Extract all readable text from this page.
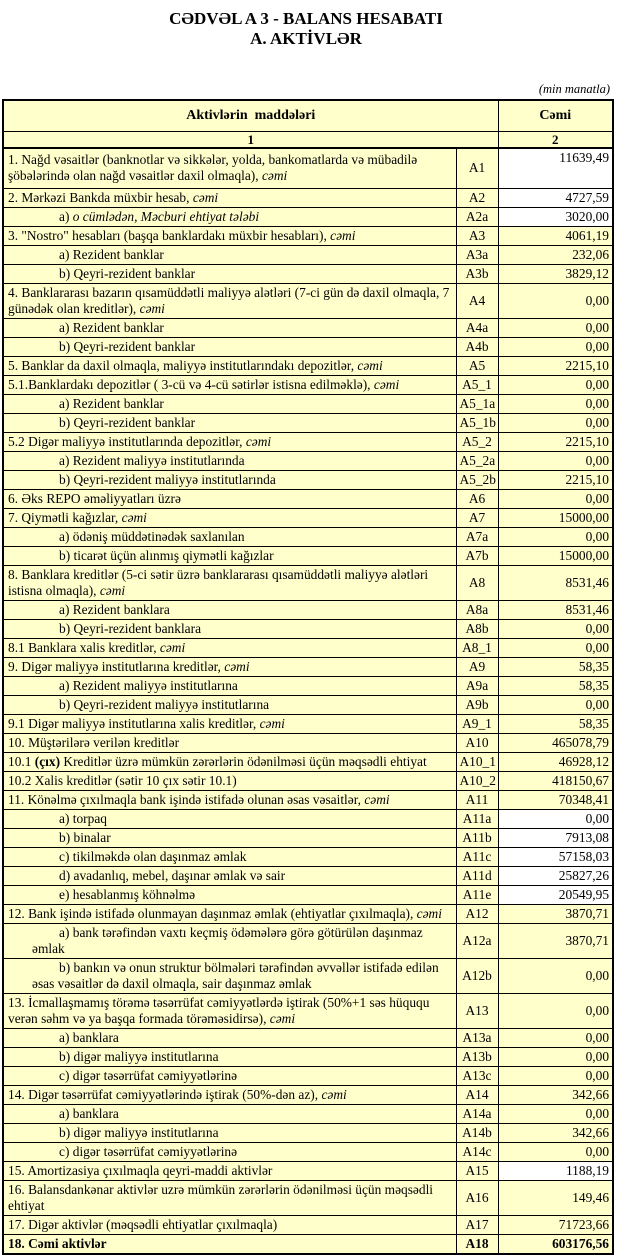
CƏDVƏL A 3 - BALANS HESABATI
A. AKTİVLƏR
(min manatla)
Aktivlərin  maddələri		Cəmi
1		2
1. Nağd vəsaitlər (banknotlar və sikkələr, yolda, bankomatlarda və mübadilə şöbələrində olan nağd vəsaitlər daxil olmaqla), cəmi	A1	11639,49
2. Mərkəzi Bankda müxbir hesab, cəmi	A2	4727,59
a) o cümlədən, Məcburi ehtiyat tələbi	A2a	3020,00
3. "Nostro" hesabları (başqa banklardakı müxbir hesabları), cəmi	A3	4061,19
a) Rezident banklar	A3a	232,06
b) Qeyri-rezident banklar	A3b	3829,12
4. Banklararası bazarın qısamüddətli maliyyə alətləri (7-ci gün də daxil olmaqla, 7 günədək olan kreditlər), cəmi	A4	0,00
a) Rezident banklar	A4a	0,00
b) Qeyri-rezident banklar	A4b	0,00
5. Banklar da daxil olmaqla, maliyyə institutlarındakı depozitlər, cəmi	A5	2215,10
5.1.Banklardakı depozitlər ( 3-cü və 4-cü sətirlər istisna edilməklə), cəmi	A5_1	0,00
a) Rezident banklar	A5_1a	0,00
b) Qeyri-rezident banklar	A5_1b	0,00
5.2 Digər maliyyə institutlarında depozitlər, cəmi	A5_2	2215,10
a) Rezident maliyyə institutlarında	A5_2a	0,00
b) Qeyri-rezident maliyyə institutlarında	A5_2b	2215,10
6. Əks REPO əməliyyatları üzrə	A6	0,00
7. Qiymətli kağızlar, cəmi	A7	15000,00
a) ödəniş müddətinədək saxlanılan	A7a	0,00
b) ticarət üçün alınmış qiymətli kağızlar	A7b	15000,00
8. Banklara kreditlər (5-ci sətir üzrə banklararası qısamüddətli maliyyə alətləri istisna olmaqla), cəmi	A8	8531,46
a) Rezident banklara	A8a	8531,46
b) Qeyri-rezident banklara	A8b	0,00
8.1 Banklara xalis kreditlər, cəmi	A8_1	0,00
9. Digər maliyyə institutlarına kreditlər, cəmi	A9	58,35
a) Rezident maliyyə institutlarına	A9a	58,35
b) Qeyri-rezident maliyyə institutlarına	A9b	0,00
9.1 Digər maliyyə institutlarına xalis kreditlər, cəmi	A9_1	58,35
10. Müştərilərə verilən kreditlər	A10	465078,79
10.1 (çıx) Kreditlər üzrə mümkün zərərlərin ödənilməsi üçün məqsədli ehtiyat	A10_1	46928,12
10.2 Xalis kreditlər (sətir 10 çıx sətir 10.1)	A10_2	418150,67
11. Könəlmə çıxılmaqla bank işində istifadə olunan əsas vəsaitlər, cəmi	A11	70348,41
a) torpaq	A11a	0,00
b) binalar	A11b	7913,08
c) tikilməkdə olan daşınmaz əmlak	A11c	57158,03
d) avadanlıq, mebel, daşınar əmlak və sair	A11d	25827,26
e) hesablanmış köhnəlmə	A11e	20549,95
12. Bank işində istifadə olunmayan daşınmaz əmlak (ehtiyatlar çıxılmaqla), cəmi	A12	3870,71
a) bank tərəfindən vaxtı keçmiş ödəmələrə görə götürülən daşınmaz əmlak	A12a	3870,71
b) bankın və onun struktur bölmələri tərəfindən əvvəllər istifadə edilən əsas vəsaitlər də daxil olmaqla, sair daşınmaz əmlak	A12b	0,00
13. İcmallaşmamış törəmə təsərrüfat cəmiyyətlərdə iştirak (50%+1 səs hüququ verən səhm və ya başqa formada törəməsidirsə), cəmi	A13	0,00
a) banklara	A13a	0,00
b) digər maliyyə institutlarına	A13b	0,00
c) digər təsərrüfat cəmiyyətlərinə	A13c	0,00
14. Digər təsərrüfat cəmiyyətlərində iştirak (50%-dən az), cəmi	A14	342,66
a) banklara	A14a	0,00
b) digər maliyyə institutlarına	A14b	342,66
c) digər təsərrüfat cəmiyyətlərinə	A14c	0,00
15. Amortizasiya çıxılmaqla qeyri-maddi aktivlər	A15	1188,19
16. Balansdankənar aktivlər uzrə mümkün zərərlərin ödənilməsi üçün məqsədli ehtiyat	A16	149,46
17. Digər aktivlər (məqsədli ehtiyatlar çıxılmaqla)	A17	71723,66
18. Cəmi aktivlər	A18	603176,56
